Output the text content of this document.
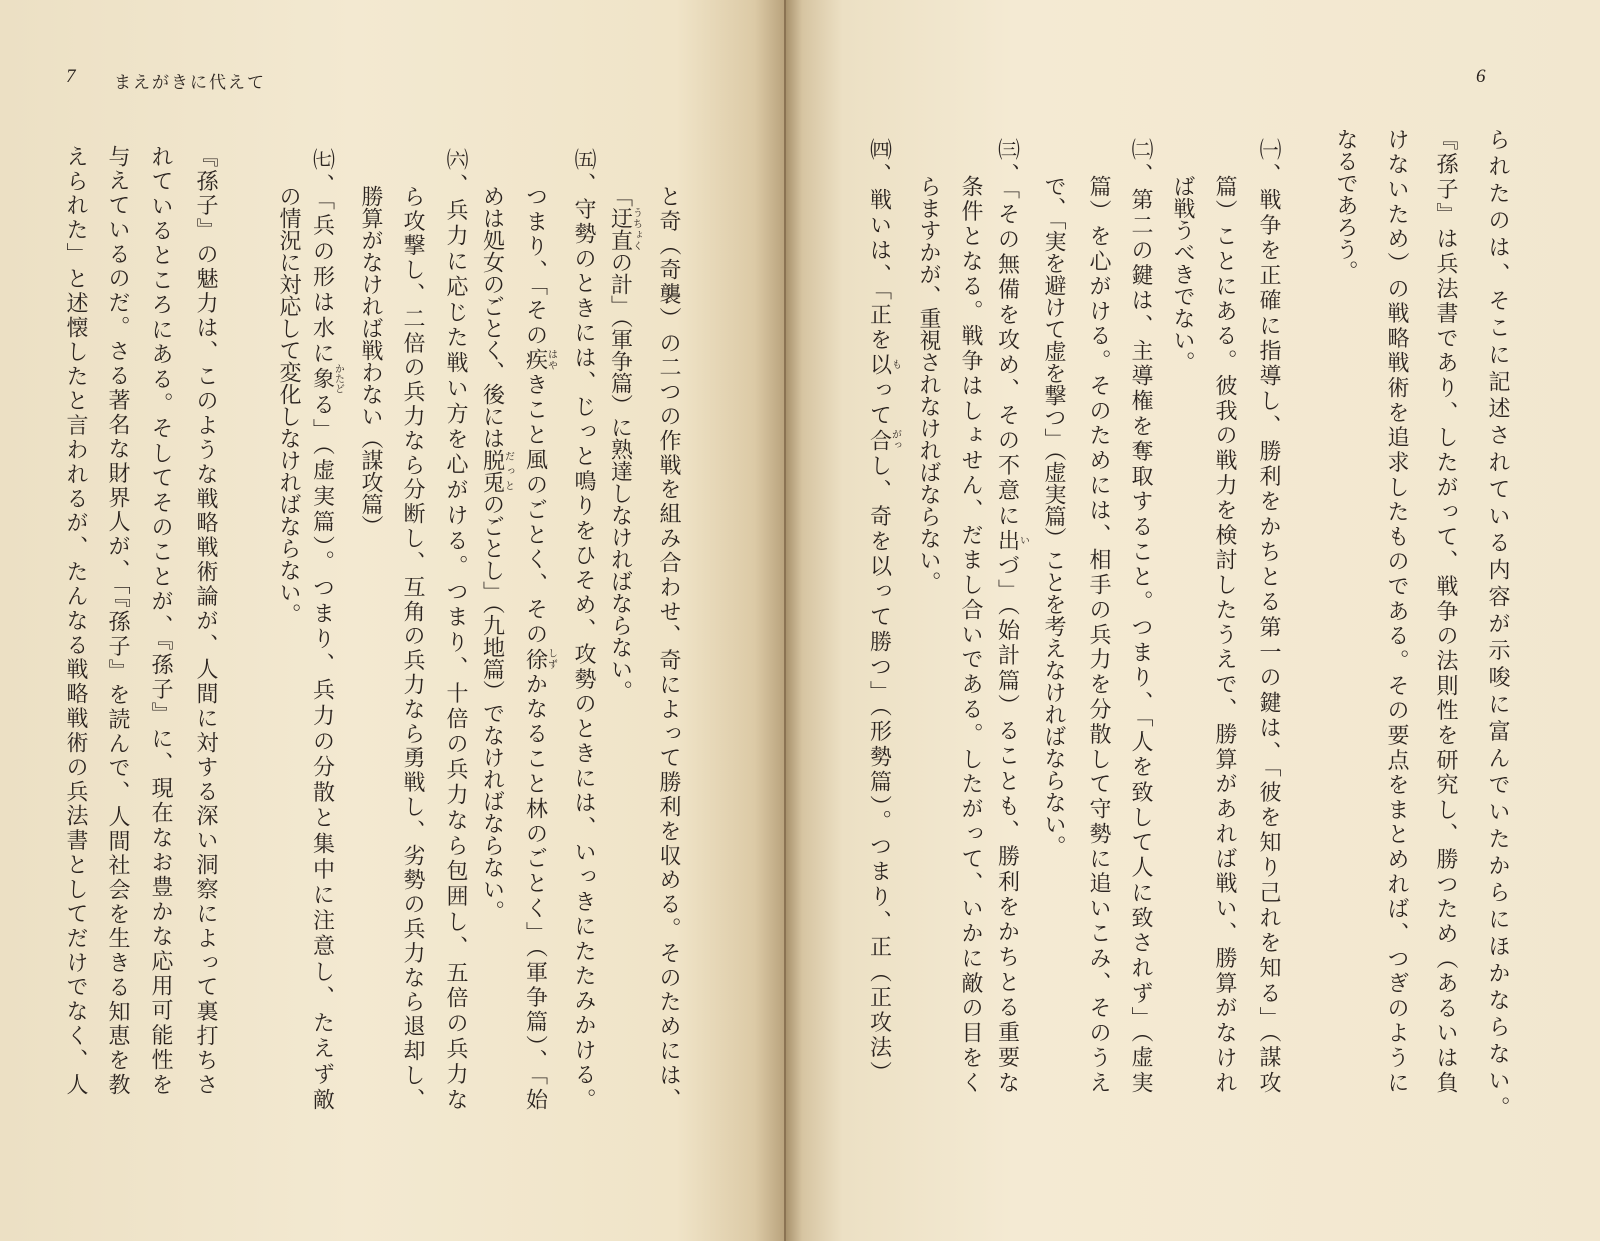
7 まえがきに代えて
と奇（奇襲）の二つの作戦を組み合わせ、奇によって勝利を収める。そのためには、
「迂直うちょくの計」（軍争篇）に熟達しなければならない。
㈤、守勢のときには、じっと鳴りをひそめ、攻勢のときには、いっきにたたみかける。
つまり、「その疾はやきこと風のごとく、その徐しずかなること林のごとく」（軍争篇）、「始
めは処女のごとく、後には脱兎だっとのごとし」（九地篇）でなければならない。
㈥、兵力に応じた戦い方を心がける。つまり、十倍の兵力なら包囲し、五倍の兵力な
ら攻撃し、二倍の兵力なら分断し、互角の兵力なら勇戦し、劣勢の兵力なら退却し、
勝算がなければ戦わない（謀攻篇）
㈦、「兵の形は水に象かたどる」（虚実篇）。つまり、兵力の分散と集中に注意し、たえず敵
の情況に対応して変化しなければならない。
『孫子』の魅力は、このような戦略戦術論が、人間に対する深い洞察によって裏打ちさ
れているところにある。そしてそのことが、『孫子』に、現在なお豊かな応用可能性を
与えているのだ。さる著名な財界人が、「『孫子』を読んで、人間社会を生きる知恵を教
えられた」と述懐したと言われるが、たんなる戦略戦術の兵法書としてだけでなく、人
6
られたのは、そこに記述されている内容が示唆に富んでいたからにほかならない。
『孫子』は兵法書であり、したがって、戦争の法則性を研究し、勝つため（あるいは負
けないため）の戦略戦術を追求したものである。その要点をまとめれば、つぎのように
なるであろう。
㈠、戦争を正確に指導し、勝利をかちとる第一の鍵は、「彼を知り己れを知る」（謀攻
篇）ことにある。彼我の戦力を検討したうえで、勝算があれば戦い、勝算がなけれ
ば戦うべきでない。
㈡、第二の鍵は、主導権を奪取すること。つまり、「人を致して人に致されず」（虚実
篇）を心がける。そのためには、相手の兵力を分散して守勢に追いこみ、そのうえ
で、「実を避けて虚を撃つ」（虚実篇）ことを考えなければならない。
㈢、「その無備を攻め、その不意に出いづ」（始計篇）ることも、勝利をかちとる重要な
条件となる。戦争はしょせん、だまし合いである。したがって、いかに敵の目をく
らますかが、重視されなければならない。
㈣、戦いは、「正を以もって合がっし、奇を以って勝つ」（形勢篇）。つまり、正（正攻法）
